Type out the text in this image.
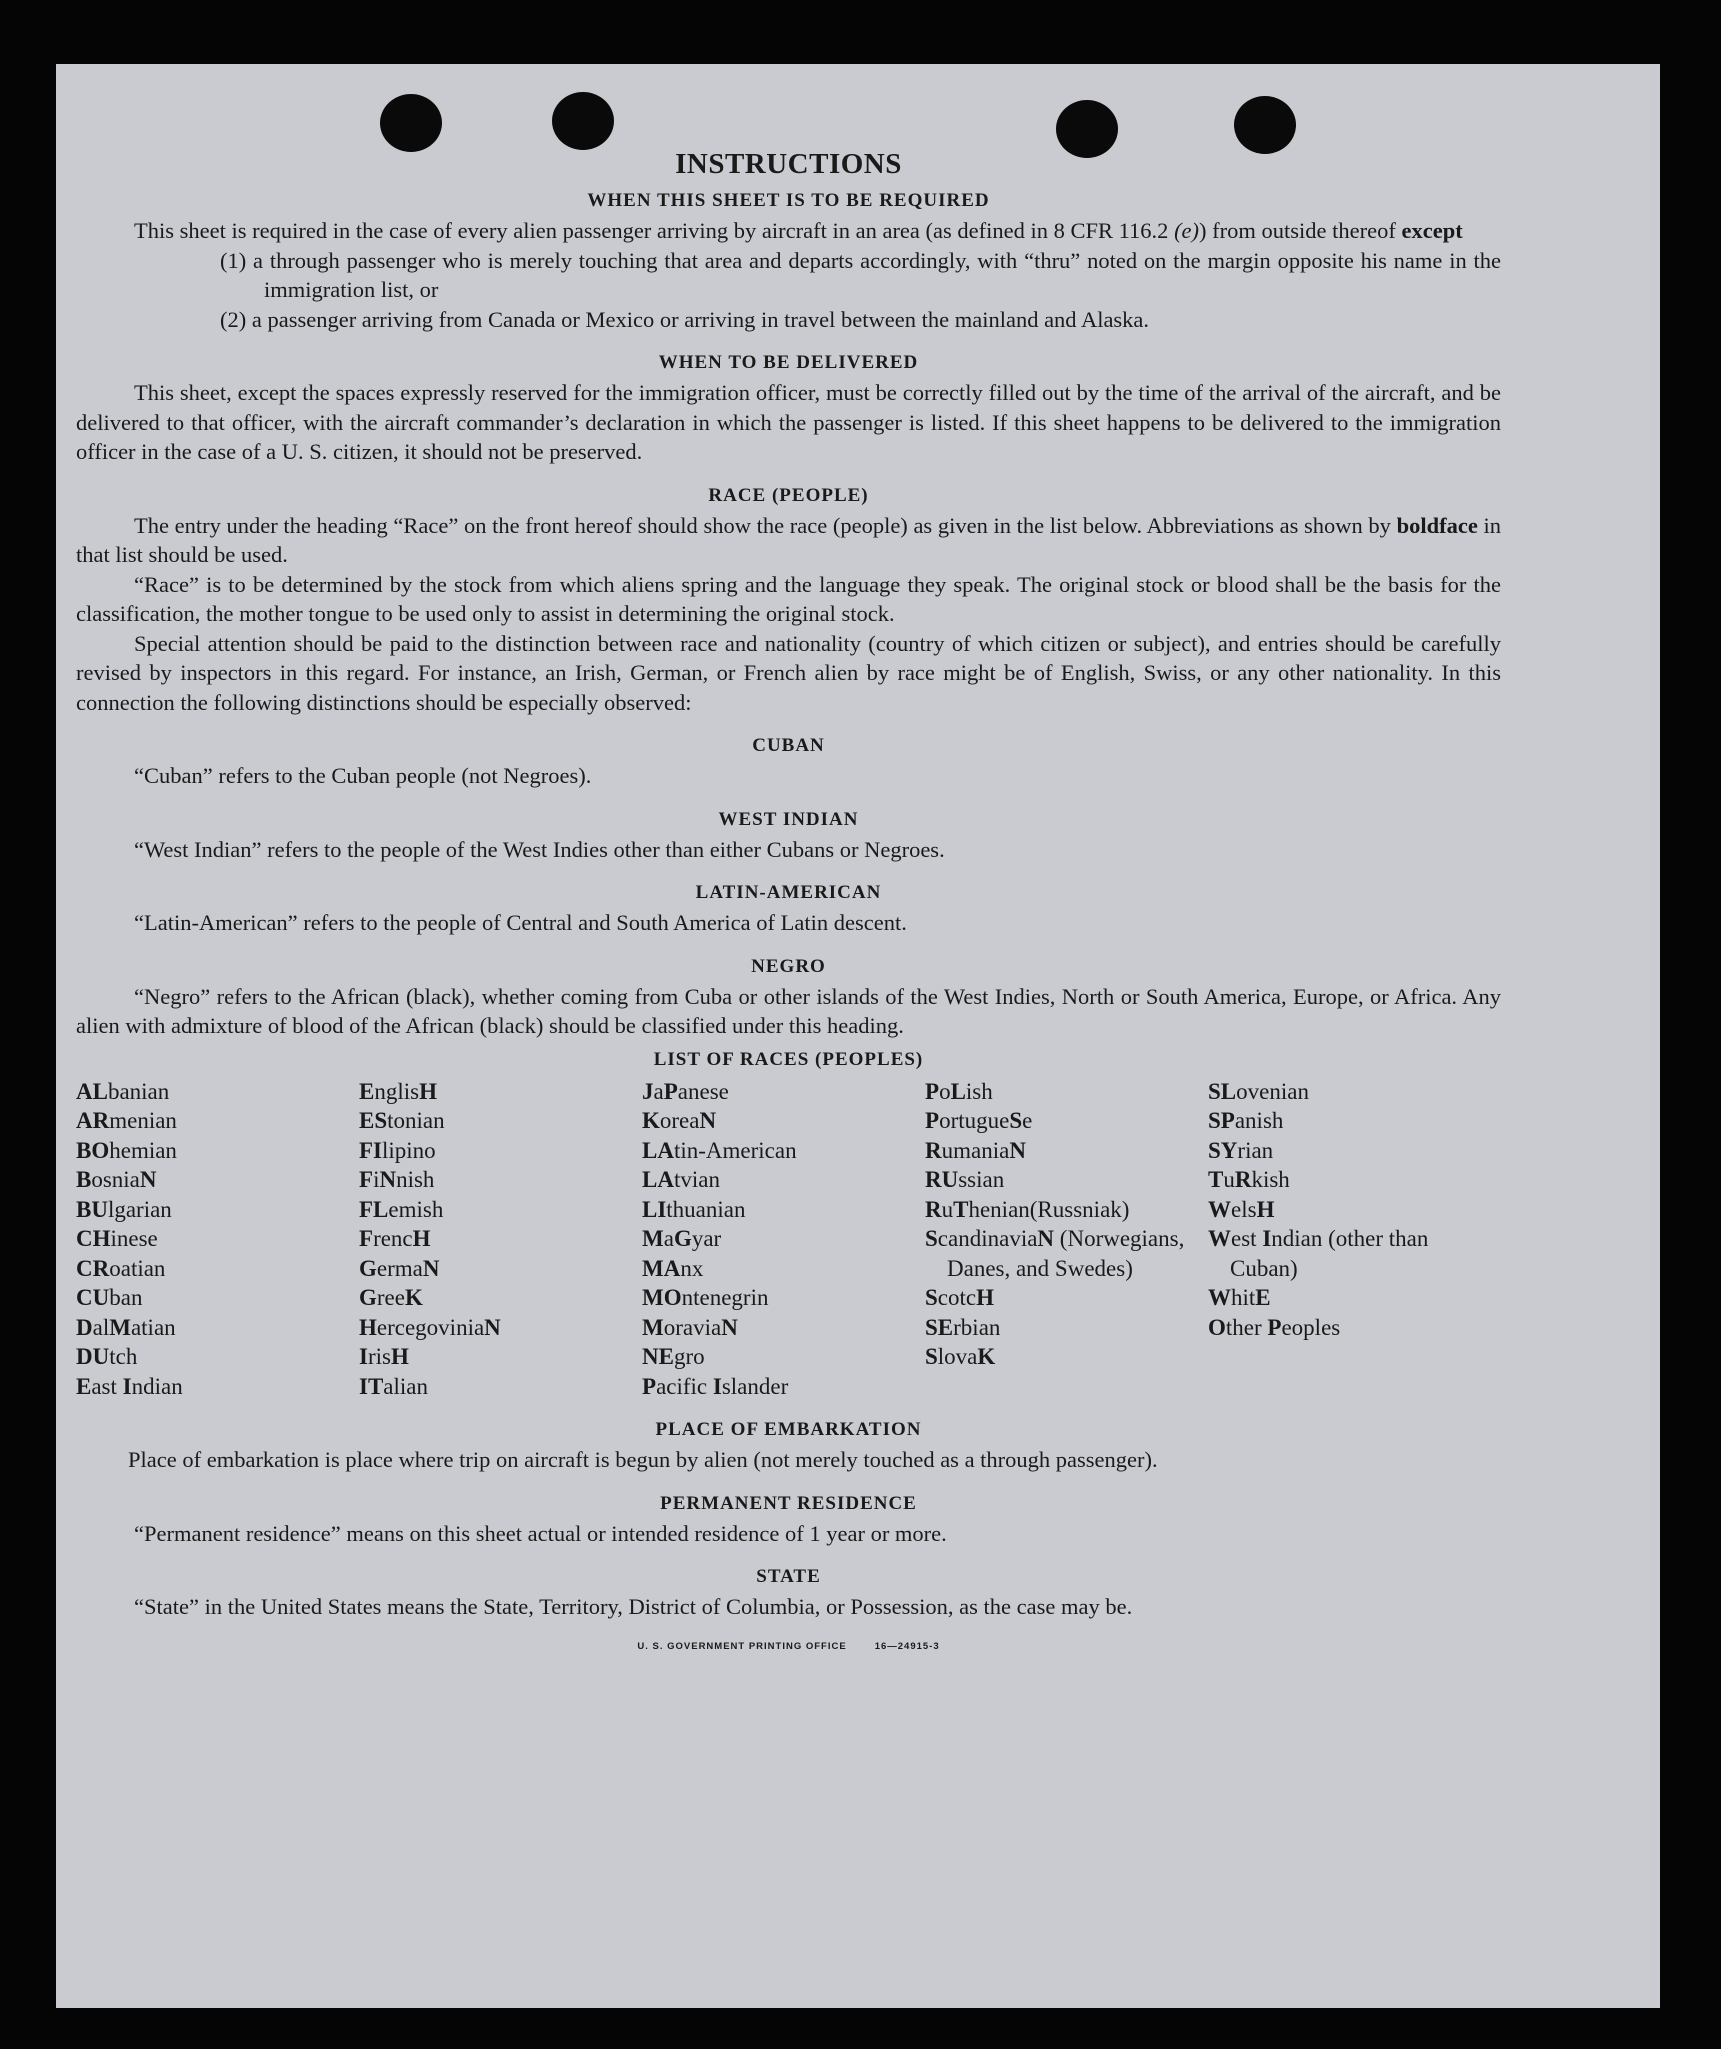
INSTRUCTIONS
WHEN THIS SHEET IS TO BE REQUIRED

This sheet is required in the case of every alien passenger arriving by aircraft in an area (as defined in 8 CFR 116.2 (e)) from outside thereof except

(1) a through passenger who is merely touching that area and departs accordingly, with “thru” noted on the margin opposite his name in the immigration list, or

(2) a passenger arriving from Canada or Mexico or arriving in travel between the mainland and Alaska.

WHEN TO BE DELIVERED

This sheet, except the spaces expressly reserved for the immigration officer, must be correctly filled out by the time of the arrival of the aircraft, and be delivered to that officer, with the aircraft commander’s declaration in which the passenger is listed. If this sheet happens to be delivered to the immigration officer in the case of a U. S. citizen, it should not be preserved.

RACE (PEOPLE)

The entry under the heading “Race” on the front hereof should show the race (people) as given in the list below. Abbreviations as shown by boldface in that list should be used.

“Race” is to be determined by the stock from which aliens spring and the language they speak. The original stock or blood shall be the basis for the classification, the mother tongue to be used only to assist in determining the original stock.

Special attention should be paid to the distinction between race and nationality (country of which citizen or subject), and entries should be carefully revised by inspectors in this regard. For instance, an Irish, German, or French alien by race might be of English, Swiss, or any other nationality. In this connection the following distinctions should be especially observed:

CUBAN

“Cuban” refers to the Cuban people (not Negroes).

WEST INDIAN

“West Indian” refers to the people of the West Indies other than either Cubans or Negroes.

LATIN-AMERICAN

“Latin-American” refers to the people of Central and South America of Latin descent.

NEGRO

“Negro” refers to the African (black), whether coming from Cuba or other islands of the West Indies, North or South America, Europe, or Africa. Any alien with admixture of blood of the African (black) should be classified under this heading.

LIST OF RACES (PEOPLES)
ALbanian
ARmenian
BOhemian
BosniaN
BUlgarian
CHinese
CRoatian
CUban
DalMatian
DUtch
East Indian
EnglisH
EStonian
FIlipino
FiNnish
FLemish
FrencH
GermaN
GreeK
HercegoviniaN
IrisH
ITalian
JaPanese
KoreaN
LAtin-American
LAtvian
LIthuanian
MaGyar
MAnx
MOntenegrin
MoraviaN
NEgro
Pacific Islander
PoLish
PortugueSe
RumaniaN
RUssian
RuThenian(Russniak)
ScandinaviaN (Norwegians, Danes, and Swedes)
ScotcH
SErbian
SlovaK
SLovenian
SPanish
SYrian
TuRkish
WelsH
West Indian (other than Cuban)
WhitE
Other Peoples
PLACE OF EMBARKATION

Place of embarkation is place where trip on aircraft is begun by alien (not merely touched as a through passenger).

PERMANENT RESIDENCE

“Permanent residence” means on this sheet actual or intended residence of 1 year or more.

STATE

“State” in the United States means the State, Territory, District of Columbia, or Possession, as the case may be.

U. S. GOVERNMENT PRINTING OFFICE	16—24915-3
